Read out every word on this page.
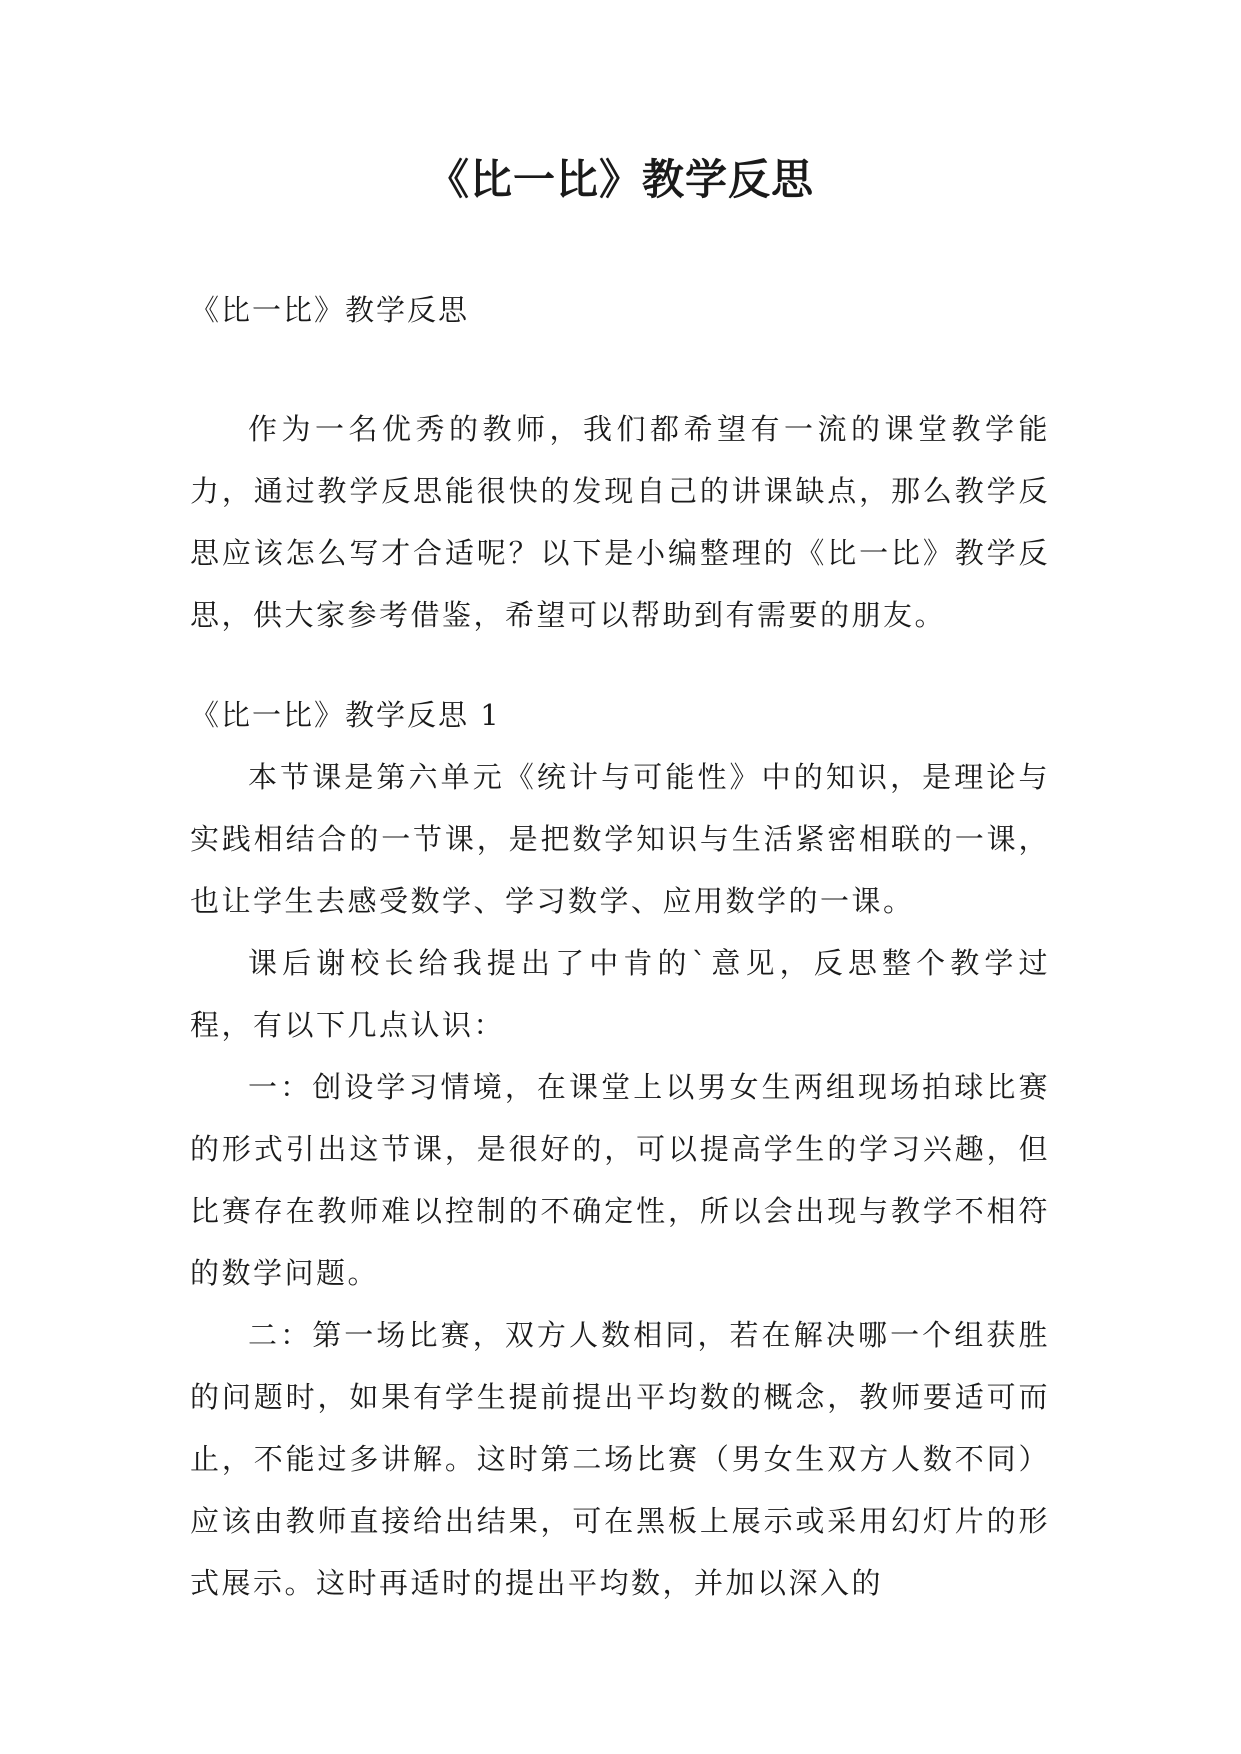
《比一比》教学反思

《比一比》教学反思

作为一名优秀的教师，我们都希望有一流的课堂教学能力，通过教学反思能很快的发现自己的讲课缺点，那么教学反思应该怎么写才合适呢？以下是小编整理的《比一比》教学反思，供大家参考借鉴，希望可以帮助到有需要的朋友。

《比一比》教学反思 1

本节课是第六单元《统计与可能性》中的知识，是理论与实践相结合的一节课，是把数学知识与生活紧密相联的一课，也让学生去感受数学、学习数学、应用数学的一课。

课后谢校长给我提出了中肯的`意见，反思整个教学过程，有以下几点认识：

一：创设学习情境，在课堂上以男女生两组现场拍球比赛的形式引出这节课，是很好的，可以提高学生的学习兴趣，但比赛存在教师难以控制的不确定性，所以会出现与教学不相符的数学问题。

二：第一场比赛，双方人数相同，若在解决哪一个组获胜的问题时，如果有学生提前提出平均数的概念，教师要适可而止，不能过多讲解。这时第二场比赛（男女生双方人数不同）应该由教师直接给出结果，可在黑板上展示或采用幻灯片的形式展示。这时再适时的提出平均数，并加以深入的
